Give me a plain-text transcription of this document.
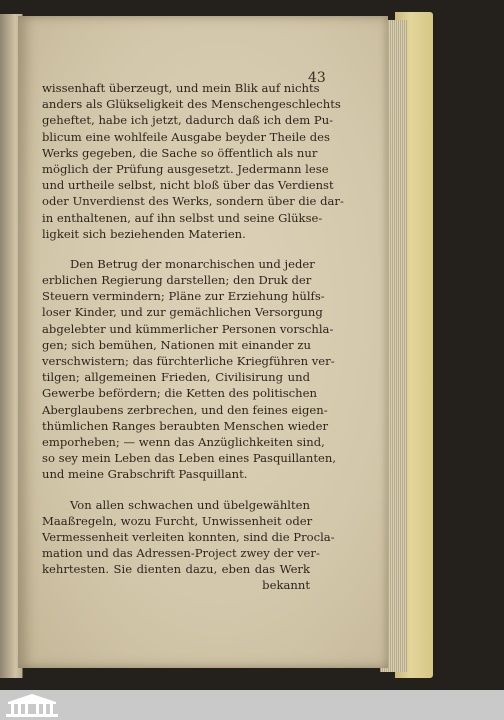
43
wissenhaft überzeugt, und mein Blik auf nichts
anders als Glükseligkeit des Menschengeschlechts
geheftet, habe ich jetzt, dadurch daß ich dem Pu-
blicum eine wohlfeile Ausgabe beyder Theile des
Werks gegeben, die Sache so öffentlich als nur
möglich der Prüfung ausgesetzt. Jedermann lese
und urtheile selbst, nicht bloß über das Verdienst
oder Unverdienst des Werks, sondern über die dar-
in enthaltenen, auf ihn selbst und seine Glükse-
ligkeit sich beziehenden Materien.
Den Betrug der monarchischen und jeder
erblichen Regierung darstellen; den Druk der
Steuern vermindern; Pläne zur Erziehung hülfs-
loser Kinder, und zur gemächlichen Versorgung
abgelebter und kümmerlicher Personen vorschla-
gen; sich bemühen, Nationen mit einander zu
verschwistern; das fürchterliche Kriegführen ver-
tilgen; allgemeinen Frieden, Civilisirung und
Gewerbe befördern; die Ketten des politischen
Aberglaubens zerbrechen, und den feines eigen-
thümlichen Ranges beraubten Menschen wieder
emporheben; — wenn das Anzüglichkeiten sind,
so sey mein Leben das Leben eines Pasquillanten,
und meine Grabschrift Pasquillant.
Von allen schwachen und übelgewählten
Maaßregeln, wozu Furcht, Unwissenheit oder
Vermessenheit verleiten konnten, sind die Procla-
mation und das Adressen-Project zwey der ver-
kehrtesten. Sie dienten dazu, eben das Werk
bekannt
